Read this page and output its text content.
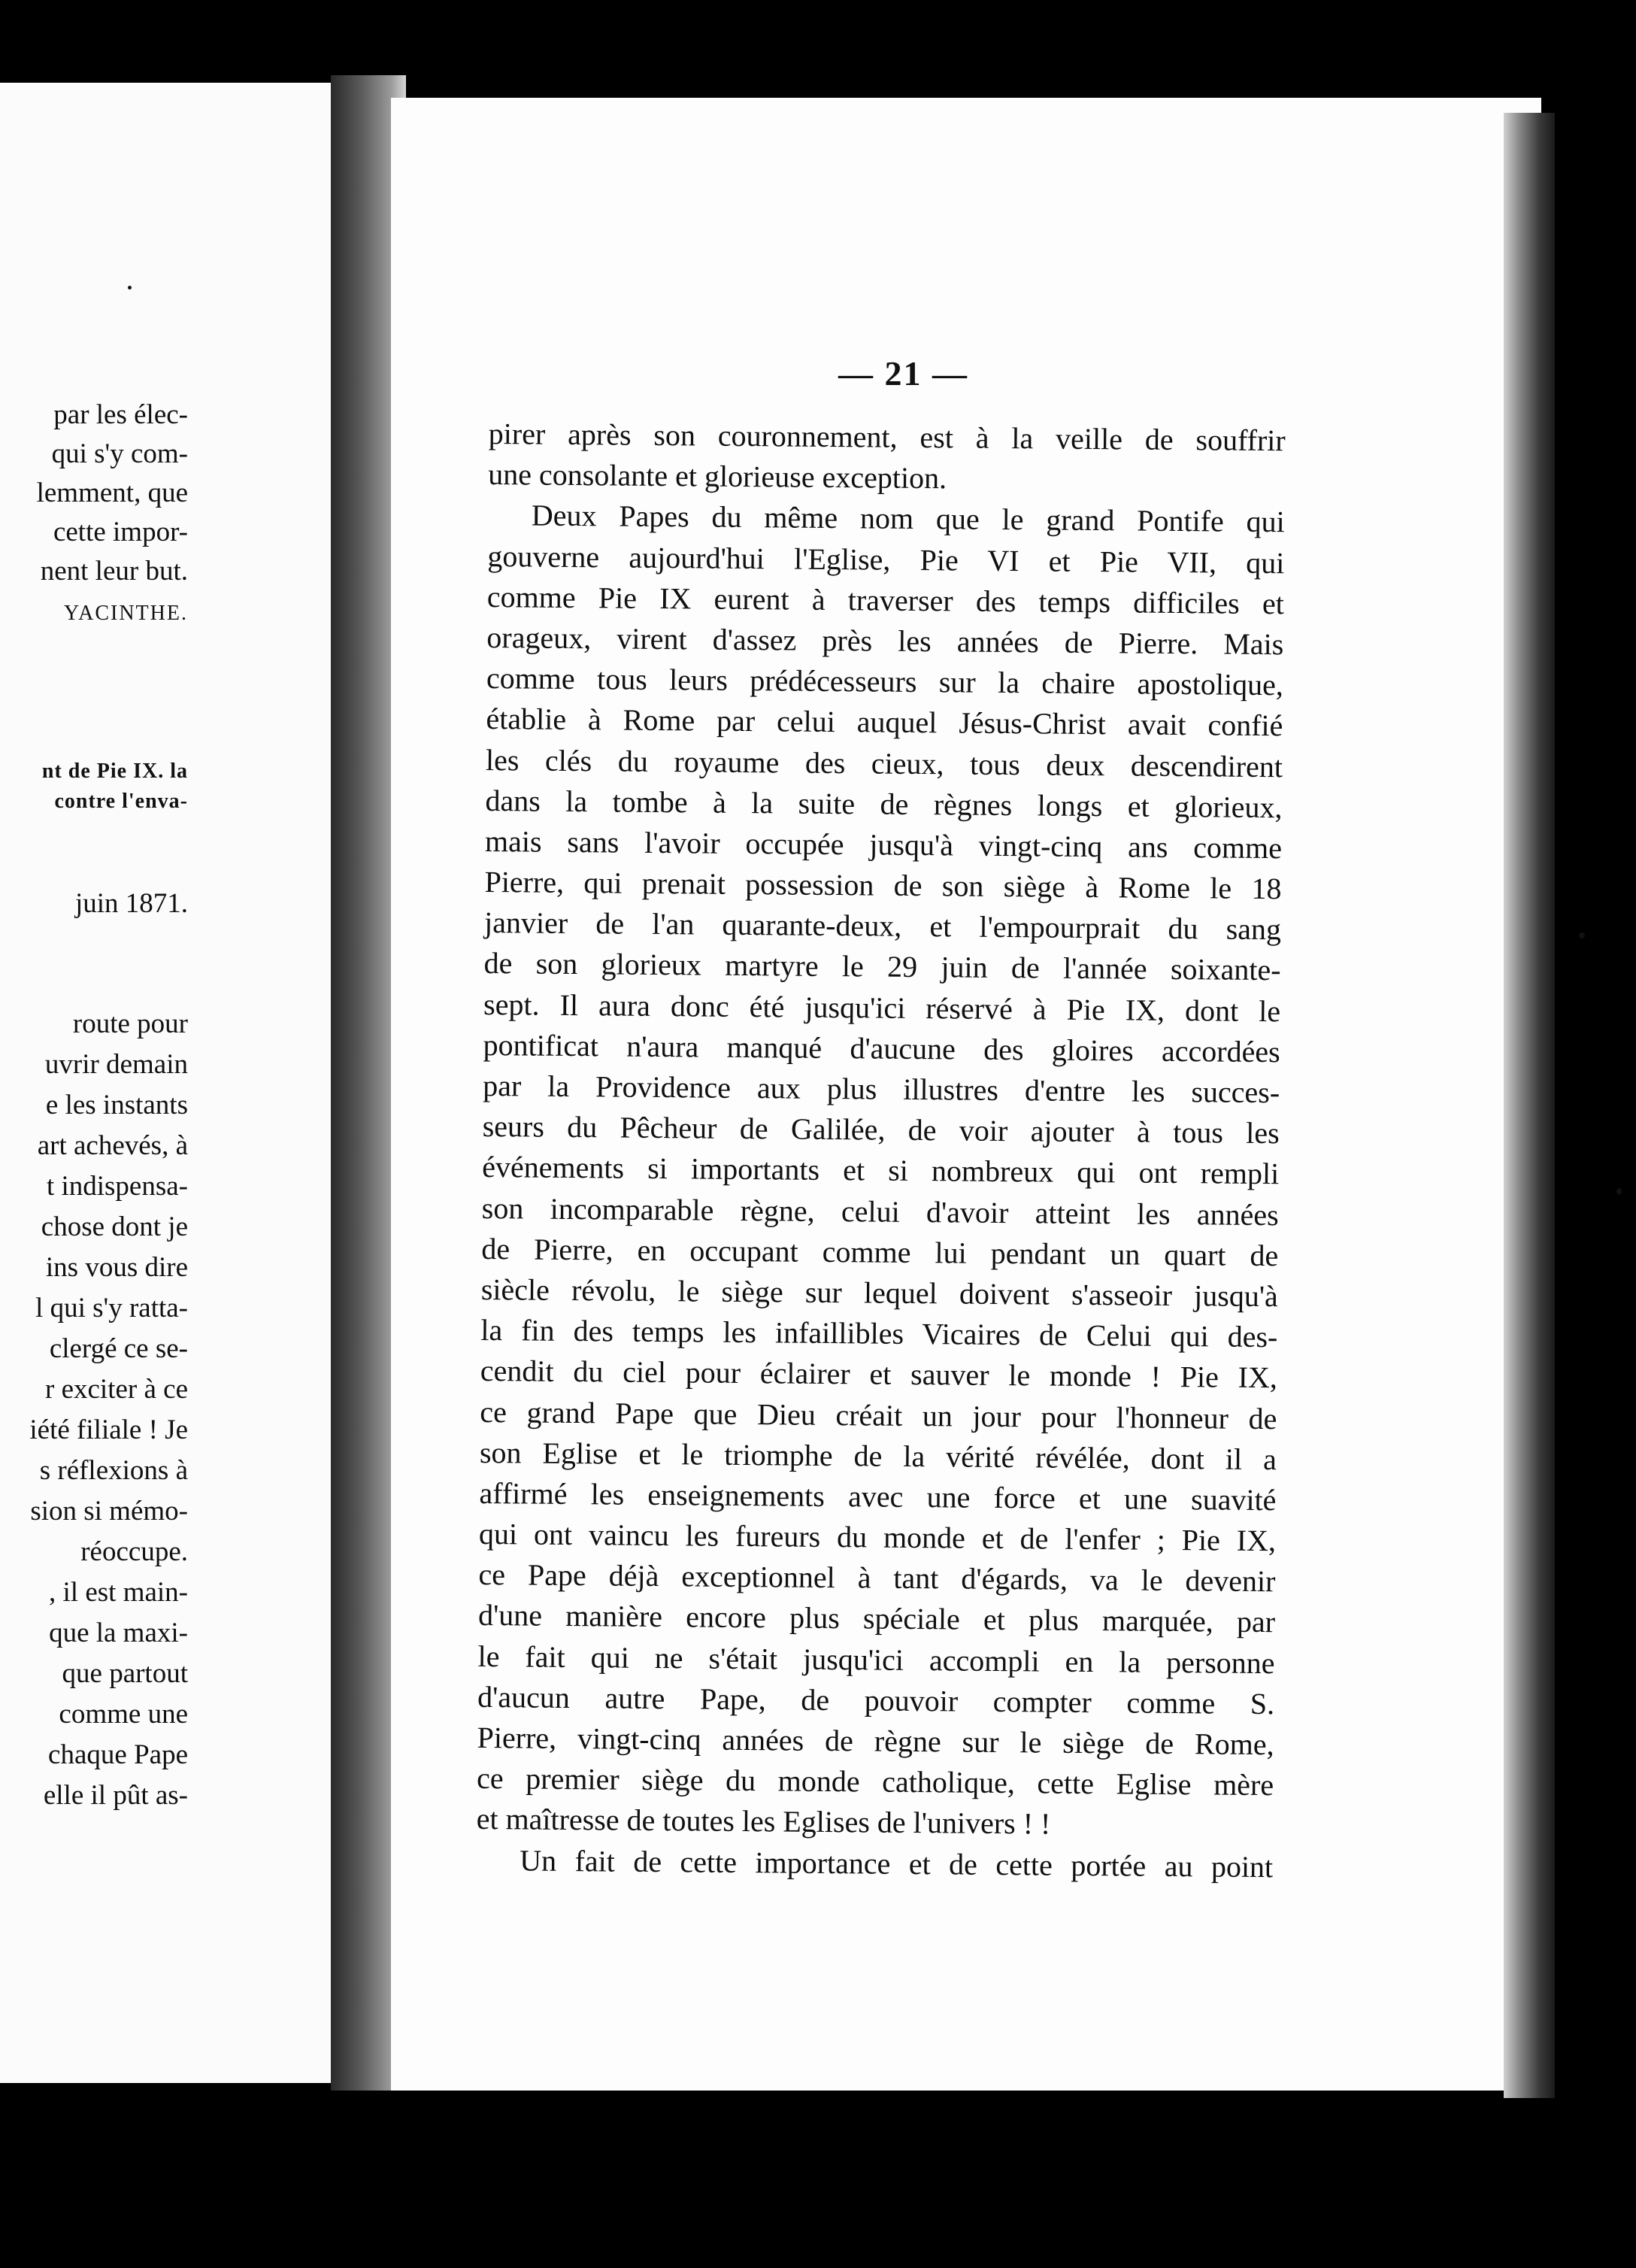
par les élec-
qui s'y com-
lemment, que
cette impor-
nent leur but.
YACINTHE.
nt de Pie IX. la
contre l'enva-
juin 1871.
route pour
uvrir demain
e les instants
art achevés, à
t indispensa-
chose dont je
ins vous dire
l qui s'y ratta-
clergé ce se-
r exciter à ce
iété filiale ! Je
s réflexions à
sion si mémo-
réoccupe.
, il est main-
que la maxi-
que partout
comme une
chaque Pape
elle il pût as-
— 21 —
pirer après son couronnement, est à la veille de souffrir
une consolante et glorieuse exception.
Deux Papes du même nom que le grand Pontife qui
gouverne aujourd'hui l'Eglise, Pie VI et Pie VII, qui
comme Pie IX eurent à traverser des temps difficiles et
orageux, virent d'assez près les années de Pierre. Mais
comme tous leurs prédécesseurs sur la chaire apostolique,
établie à Rome par celui auquel Jésus-Christ avait confié
les clés du royaume des cieux, tous deux descendirent
dans la tombe à la suite de règnes longs et glorieux,
mais sans l'avoir occupée jusqu'à vingt-cinq ans comme
Pierre, qui prenait possession de son siège à Rome le 18
janvier de l'an quarante-deux, et l'empourprait du sang
de son glorieux martyre le 29 juin de l'année soixante-
sept. Il aura donc été jusqu'ici réservé à Pie IX, dont le
pontificat n'aura manqué d'aucune des gloires accordées
par la Providence aux plus illustres d'entre les succes-
seurs du Pêcheur de Galilée, de voir ajouter à tous les
événements si importants et si nombreux qui ont rempli
son incomparable règne, celui d'avoir atteint les années
de Pierre, en occupant comme lui pendant un quart de
siècle révolu, le siège sur lequel doivent s'asseoir jusqu'à
la fin des temps les infaillibles Vicaires de Celui qui des-
cendit du ciel pour éclairer et sauver le monde ! Pie IX,
ce grand Pape que Dieu créait un jour pour l'honneur de
son Eglise et le triomphe de la vérité révélée, dont il a
affirmé les enseignements avec une force et une suavité
qui ont vaincu les fureurs du monde et de l'enfer ; Pie IX,
ce Pape déjà exceptionnel à tant d'égards, va le devenir
d'une manière encore plus spéciale et plus marquée, par
le fait qui ne s'était jusqu'ici accompli en la personne
d'aucun autre Pape, de pouvoir compter comme S.
Pierre, vingt-cinq années de règne sur le siège de Rome,
ce premier siège du monde catholique, cette Eglise mère
et maîtresse de toutes les Eglises de l'univers ! !
Un fait de cette importance et de cette portée au point
